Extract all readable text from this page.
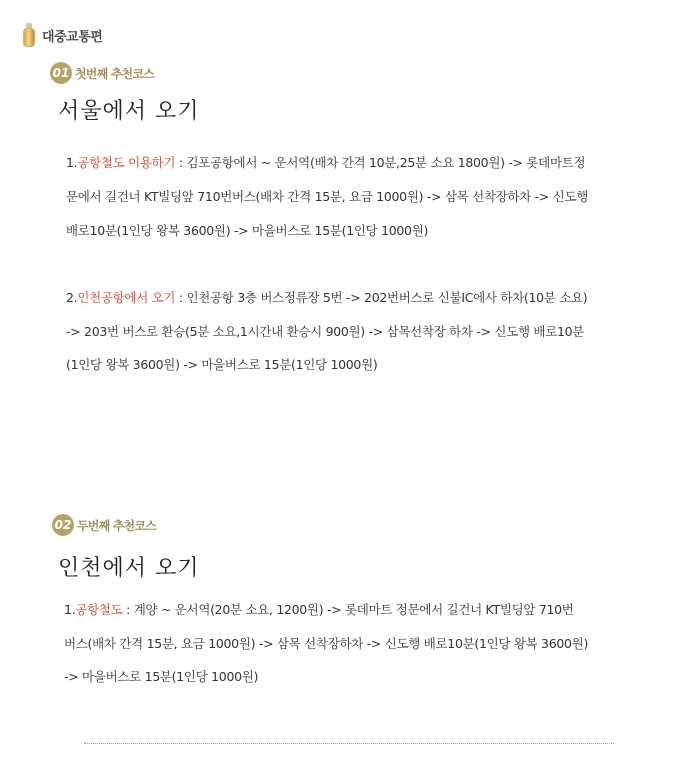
대중교통편
01 첫번째 추천코스
서울에서 오기
1.공항철도 이용하기 : 김포공항에서 ~ 운서역(배차 간격 10분,25분 소요 1800원) -> 롯데마트정
문에서 길건너 KT빌딩앞 710번버스(배차 간격 15분, 요금 1000원) -> 삼목 선착장하차 -> 신도행
배로10분(1인당 왕복 3600원) -> 마을버스로 15분(1인당 1000원)
2.인천공항에서 오기 : 인천공항 3층 버스정류장 5번 -> 202번버스로 신불IC에사 하차(10분 소요)
-> 203번 버스로 환승(5분 소요,1시간내 환승시 900원) -> 삼목선착장 하차 -> 신도행 배로10분
(1인당 왕복 3600원) -> 마을버스로 15분(1인당 1000원)
02 두번째 추천코스
인천에서 오기
1.공항철도 : 계양 ~ 운서역(20분 소요, 1200원) -> 롯데마트 정문에서 길건너 KT빌딩앞 710번
버스(배차 간격 15분, 요금 1000원) -> 삼목 선착장하차 -> 신도행 배로10분(1인당 왕복 3600원)
-> 마을버스로 15분(1인당 1000원)
